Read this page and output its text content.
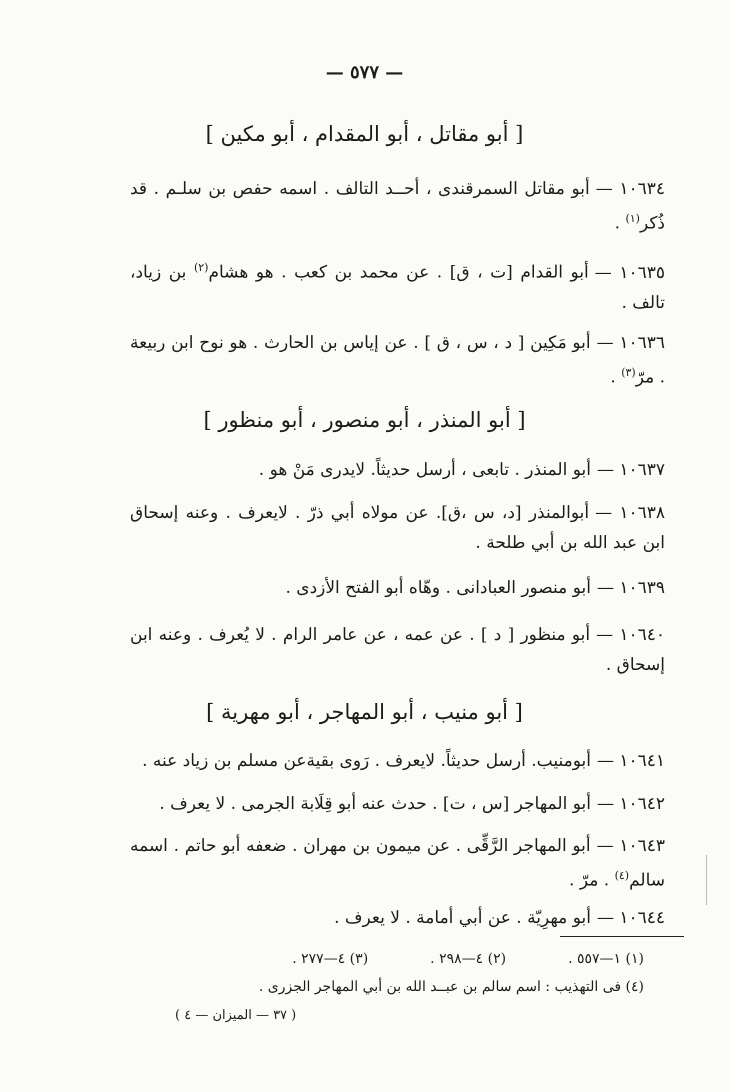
— ٥٧٧ —
[ أبو مقاتل ، أبو المقدام ، أبو مكين ]
١٠٦٣٤ —أبو مقاتل السمرقندى ، أحــد التالف . اسمه حفص بن سلـم . قد ذُكر$^{(١)}$ .
١٠٦٣٥ —أبو القدام [ت ، ق] . عن محمد بن كعب . هو هشام$^{(٢)}$ بن زياد، تالف .
١٠٦٣٦ —أبو مَكِين [ د ، س ، ق ] . عن إياس بن الحارث . هو نوح ابن ربيعة . مرّ$^{(٣)}$ .
[ أبو المنذر ، أبو منصور ، أبو منظور ]
١٠٦٣٧ —أبو المنذر . تابعى ، أرسل حديثاً. لايدرى مَنْ هو .
١٠٦٣٨ —أبوالمنذر [د، س ،ق]. عن مولاه أبي ذرّ . لايعرف . وعنه إسحاق ابن عبد الله بن أبي طلحة .
١٠٦٣٩ —أبو منصور العبادانى . وهّاه أبو الفتح الأزدى .
١٠٦٤٠ —أبو منظور [ د ] . عن عمه ، عن عامر الرام . لا يُعرف . وعنه ابن إسحاق .
[ أبو منيب ، أبو المهاجر ، أبو مهرية ]
١٠٦٤١ —أبومنيب. أرسل حديثاً. لايعرف . رَوى بقيةعن مسلم بن زياد عنه .
١٠٦٤٢ —أبو المهاجر [س ، ت] . حدث عنه أبو قِلَابة الجرمى . لا يعرف .
١٠٦٤٣ —أبو المهاجر الرَّقِّى . عن ميمون بن مهران . ضعفه أبو حاتم . اسمه سالم$^{(٤)}$ . مرّ .
١٠٦٤٤ —أبو مهرِيّة . عن أبي أمامة . لا يعرف .
(١) ١—٥٥٧ .
(٢) ٤—٢٩٨ .
(٣) ٤—٢٧٧ .
(٤) فى التهذيب : اسم سالم بن عبــد الله بن أبي المهاجر الجزرى .
( ٣٧ — الميزان — ٤ )
